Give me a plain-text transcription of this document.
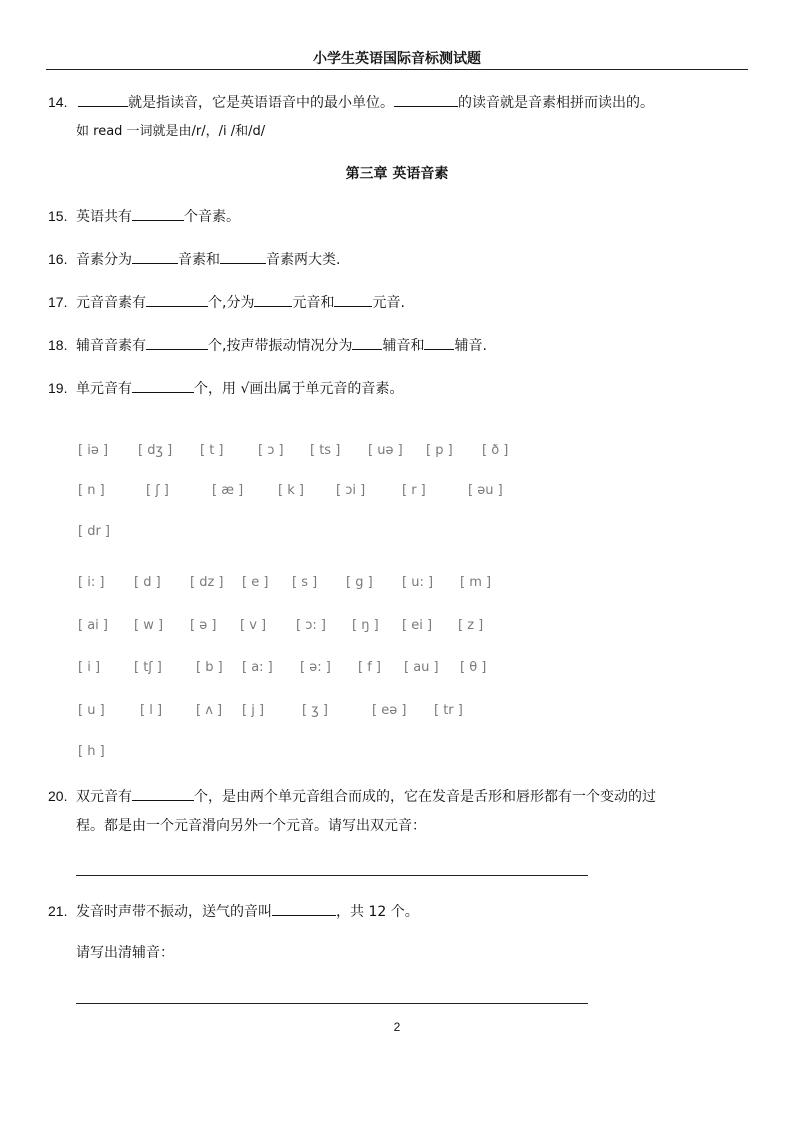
小学生英语国际音标测试题
14.	就是指读音，它是英语语音中的最小单位。	的读音就是音素相拼而读出的。
如 read 一词就是由/r/，/i /和/d/
第三章 英语音素
15. 英语共有	个音素。
16. 音素分为	音素和	音素两大类.
17. 元音音素有	个,分为	元音和	元音.
18. 辅音音素有	个,按声带振动情况分为 辅音和 辅音.
19. 单元音有	个，用 √画出属于单元音的音素。
[ iə ] [ dʒ ] [ t ]	[ ɔ ] [ ts ] [ uə ] [ p ] [ ð ]
[ n ]	[ ʃ ]	[ æ ]	[ k ] [ ɔi ]	[ r ]	[ əu ]
[ dr ]
[ i: ] [ d ] [ dz ] [ e ] [ s ] [ g ] [ u: ] [ m ]
[ ai ] [ w ] [ ə ] [ v ] [ ɔ: ] [ ŋ ] [ ei ] [ z ]
[ i ]	[ tʃ ]	[ b ] [ a: ] [ ə: ] [ f ] [ au ] [ θ ]
[ u ]	[ l ]	[ ʌ ] [ j ]	[ ʒ ]	[ eə ] [ tr ]
[ h ]
20. 双元音有	个，是由两个单元音组合而成的，它在发音是舌形和唇形都有一个变动的过
程。都是由一个元音滑向另外一个元音。请写出双元音：
21. 发音时声带不振动，送气的音叫	，共 12 个。
请写出清辅音：
2
